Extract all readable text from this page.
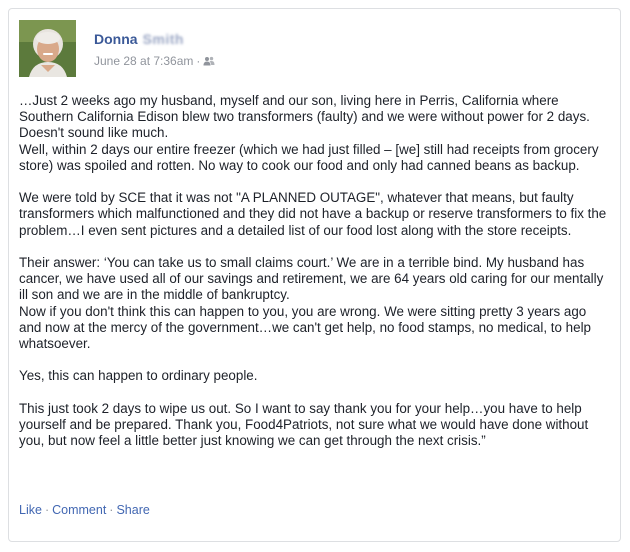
Donna Smith
June 28 at 7:36am ·

…Just 2 weeks ago my husband, myself and our son, living here in Perris, California where Southern California Edison blew two transformers (faulty) and we were without power for 2 days. Doesn't sound like much.
Well, within 2 days our entire freezer (which we had just filled – [we] still had receipts from grocery store) was spoiled and rotten. No way to cook our food and only had canned beans as backup.

We were told by SCE that it was not "A PLANNED OUTAGE", whatever that means, but faulty transformers which malfunctioned and they did not have a backup or reserve transformers to fix the problem…I even sent pictures and a detailed list of our food lost along with the store receipts.

Their answer: ‘You can take us to small claims court.’ We are in a terrible bind. My husband has cancer, we have used all of our savings and retirement, we are 64 years old caring for our mentally ill son and we are in the middle of bankruptcy.
Now if you don't think this can happen to you, you are wrong. We were sitting pretty 3 years ago and now at the mercy of the government…we can't get help, no food stamps, no medical, to help whatsoever.

Yes, this can happen to ordinary people.

This just took 2 days to wipe us out. So I want to say thank you for your help…you have to help yourself and be prepared. Thank you, Food4Patriots, not sure what we would have done without you, but now feel a little better just knowing we can get through the next crisis.”

Like · Comment · Share
